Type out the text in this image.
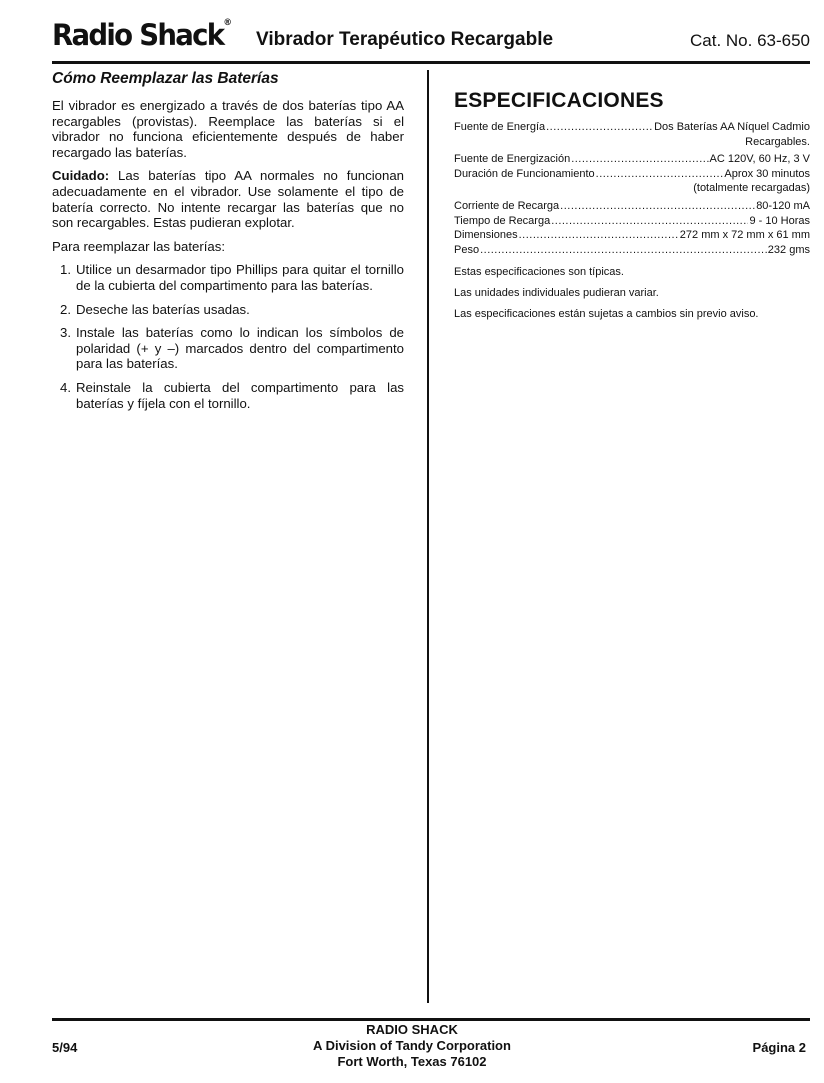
Radio Shack®
Vibrador Terapéutico Recargable	Cat. No. 63-650
Cómo Reemplazar las Baterías

El vibrador es energizado a través de dos baterías tipo AA recargables (provistas). Reemplace las baterías si el vibrador no funciona eficientemente después de haber recargado las baterías.

Cuidado: Las baterías tipo AA normales no funcionan adecuadamente en el vibrador. Use solamente el tipo de batería correcto. No intente recargar las baterías que no son recargables. Estas pudieran explotar.

Para reemplazar las baterías:

1. Utilice un desarmador tipo Phillips para quitar el tornillo de la cubierta del compartimento para las baterías.
2. Deseche las baterías usadas.
3. Instale las baterías como lo indican los símbolos de polaridad (+ y –) marcados dentro del compartimento para las baterías.
4. Reinstale la cubierta del compartimento para las baterías y fíjela con el tornillo.
ESPECIFICACIONES
Fuente de Energía .....	Dos Baterías AA Níquel Cadmio
Recargables.
Fuente de Energización .....	AC 120V, 60 Hz, 3 V
Duración de Funcionamiento .....	Aprox 30 minutos
(totalmente recargadas)
Corriente de Recarga .....	80-120 mA
Tiempo de Recarga .....	9 - 10 Horas
Dimensiones .....	272 mm x 72 mm x 61 mm
Peso .....	232 gms

Estas especificaciones son típicas.

Las unidades individuales pudieran variar.

Las especificaciones están sujetas a cambios sin previo aviso.

5/94
RADIO SHACK
A Division of Tandy Corporation
Fort Worth, Texas 76102
Página 2
